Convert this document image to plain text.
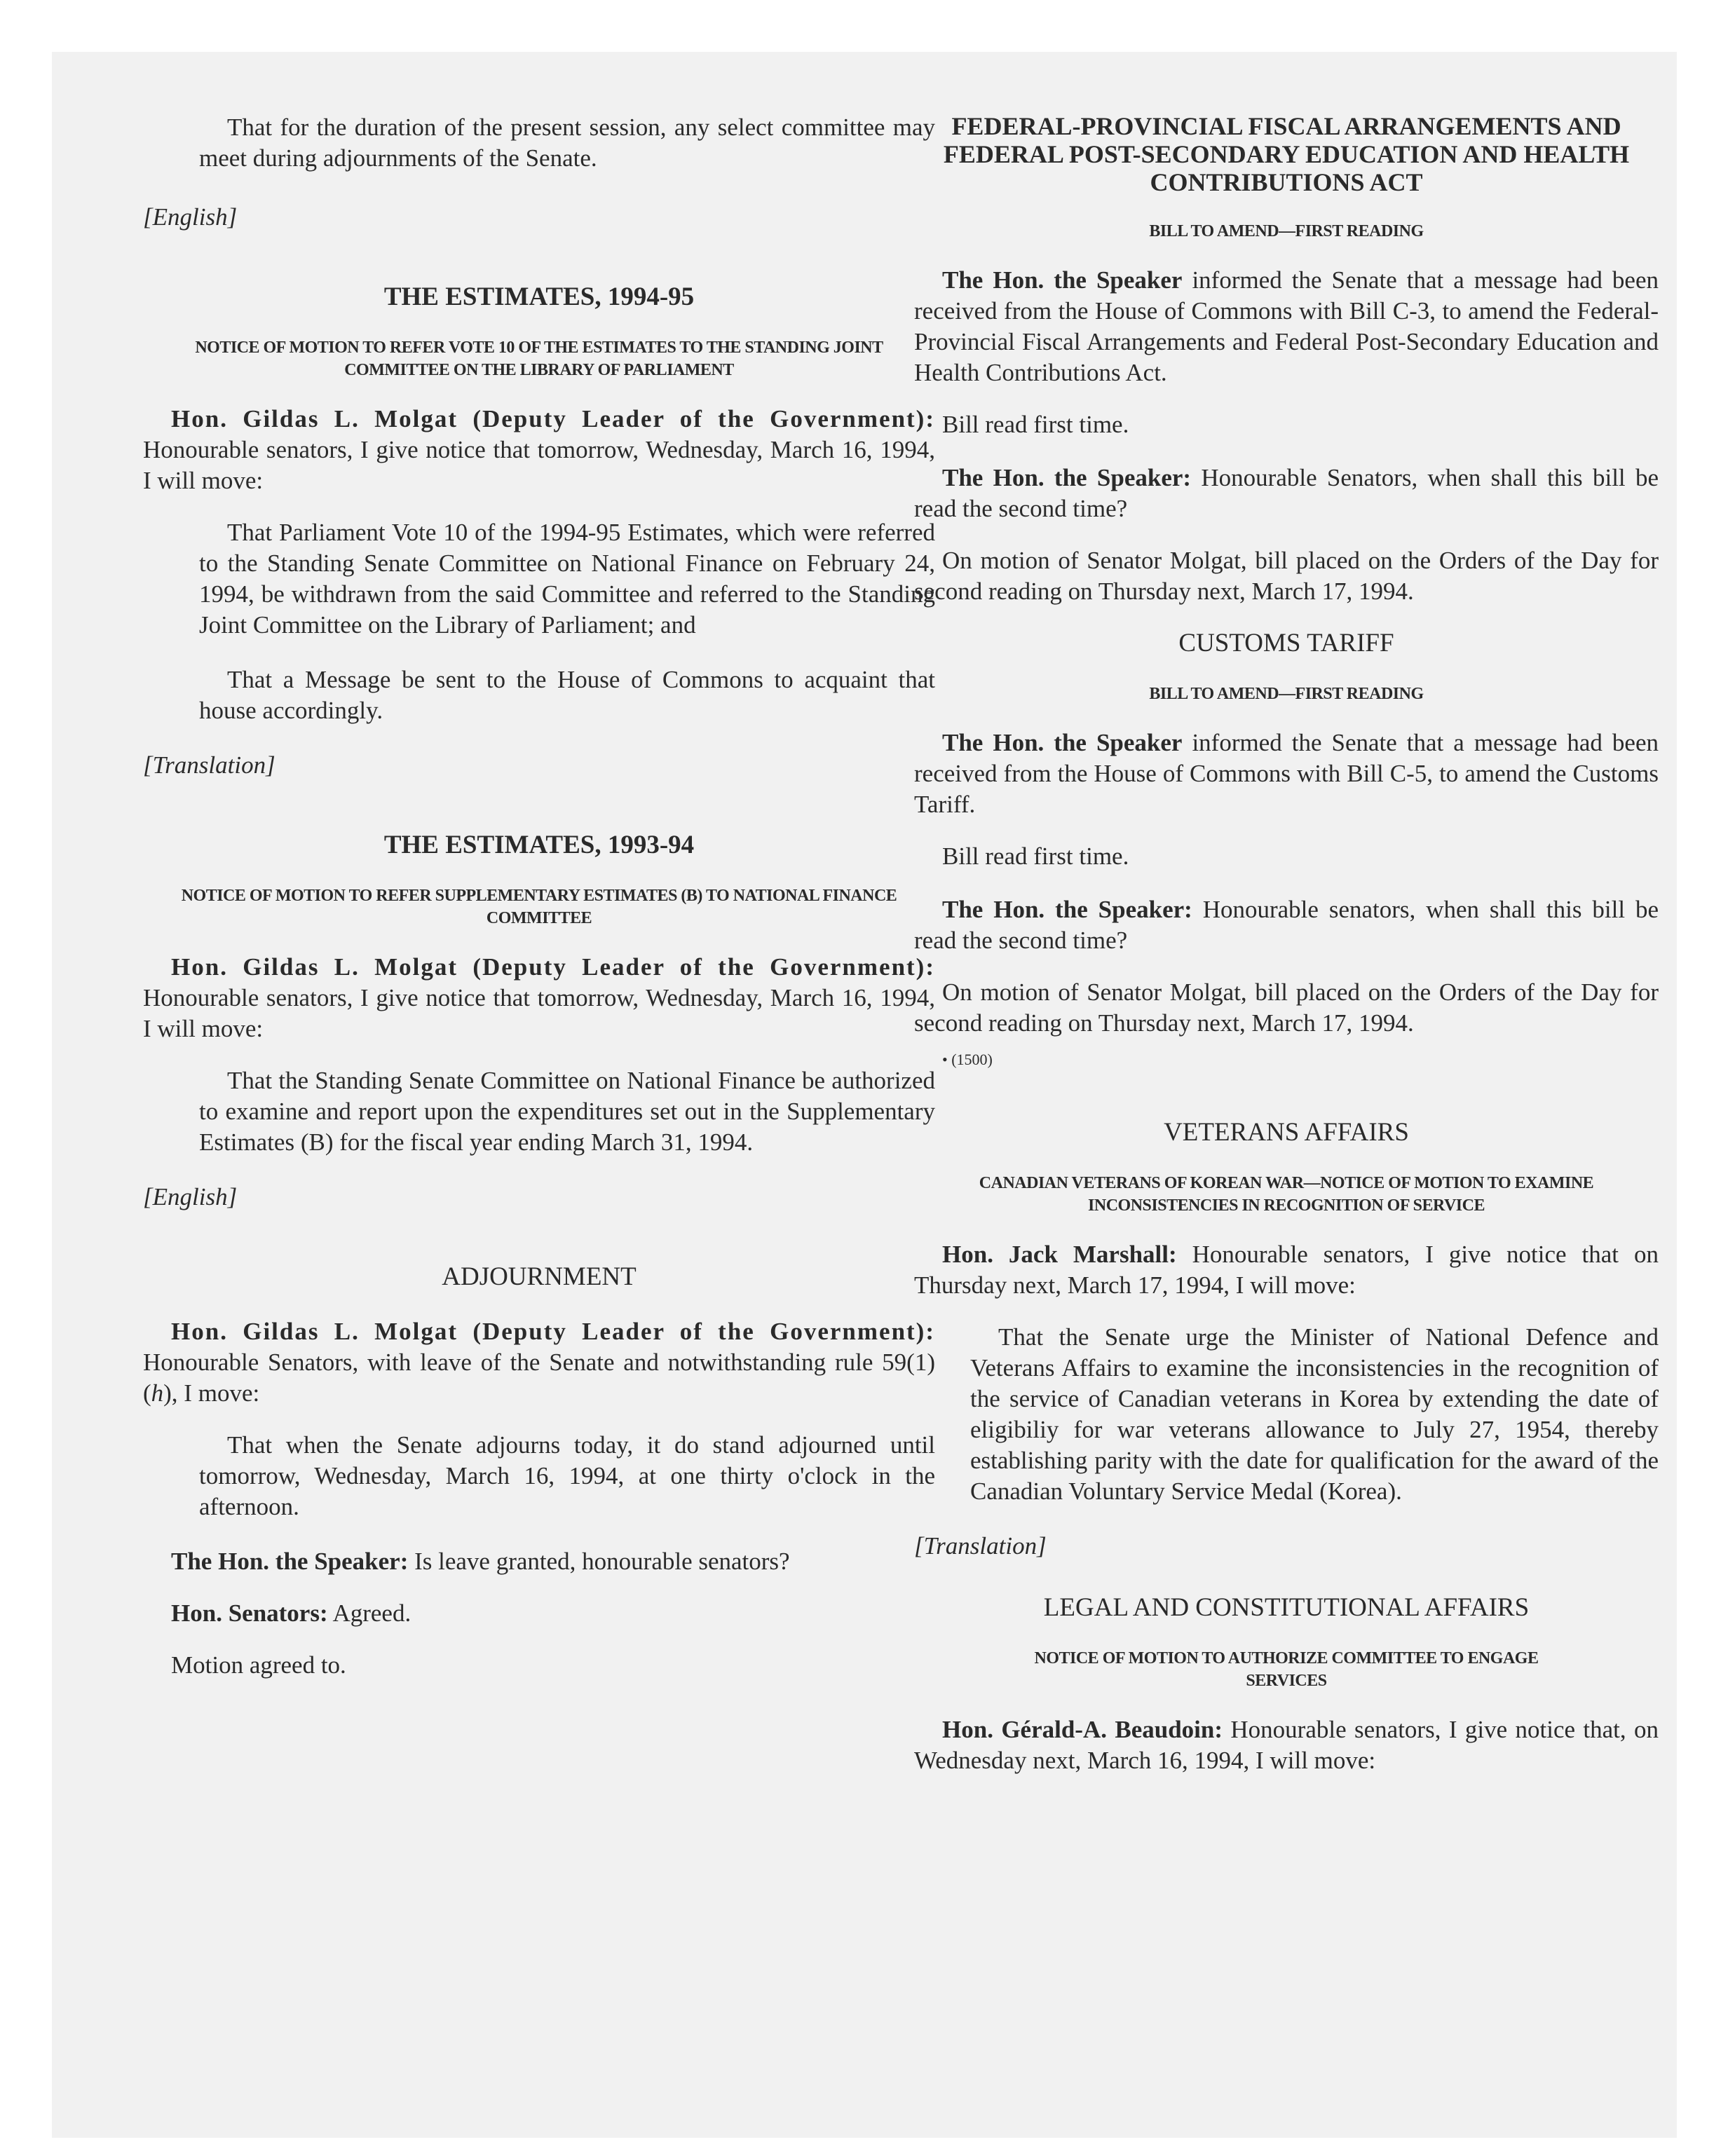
That for the duration of the present session, any select committee may meet during adjournments of the Senate.

[English]

THE ESTIMATES, 1994-95
NOTICE OF MOTION TO REFER VOTE 10 OF THE ESTIMATES TO THE STANDING JOINT COMMITTEE ON THE LIBRARY OF PARLIAMENT

Hon. Gildas L. Molgat (Deputy Leader of the Government): Honourable senators, I give notice that tomorrow, Wednesday, March 16, 1994, I will move:

That Parliament Vote 10 of the 1994-95 Estimates, which were referred to the Standing Senate Committee on National Finance on February 24, 1994, be withdrawn from the said Committee and referred to the Standing Joint Committee on the Library of Parliament; and

That a Message be sent to the House of Commons to acquaint that house accordingly.

[Translation]

THE ESTIMATES, 1993-94
NOTICE OF MOTION TO REFER SUPPLEMENTARY ESTIMATES (B) TO NATIONAL FINANCE COMMITTEE

Hon. Gildas L. Molgat (Deputy Leader of the Government): Honourable senators, I give notice that tomorrow, Wednesday, March 16, 1994, I will move:

That the Standing Senate Committee on National Finance be authorized to examine and report upon the expenditures set out in the Supplementary Estimates (B) for the fiscal year ending March 31, 1994.

[English]

ADJOURNMENT

Hon. Gildas L. Molgat (Deputy Leader of the Government): Honourable Senators, with leave of the Senate and notwithstanding rule 59(1)(h), I move:

That when the Senate adjourns today, it do stand adjourned until tomorrow, Wednesday, March 16, 1994, at one thirty o'clock in the afternoon.

The Hon. the Speaker: Is leave granted, honourable senators?

Hon. Senators: Agreed.

Motion agreed to.

FEDERAL-PROVINCIAL FISCAL ARRANGEMENTS AND FEDERAL POST-SECONDARY EDUCATION AND HEALTH CONTRIBUTIONS ACT
BILL TO AMEND—FIRST READING

The Hon. the Speaker informed the Senate that a message had been received from the House of Commons with Bill C-3, to amend the Federal-Provincial Fiscal Arrangements and Federal Post-Secondary Education and Health Contributions Act.

Bill read first time.

The Hon. the Speaker: Honourable Senators, when shall this bill be read the second time?

On motion of Senator Molgat, bill placed on the Orders of the Day for second reading on Thursday next, March 17, 1994.

CUSTOMS TARIFF
BILL TO AMEND—FIRST READING

The Hon. the Speaker informed the Senate that a message had been received from the House of Commons with Bill C-5, to amend the Customs Tariff.

Bill read first time.

The Hon. the Speaker: Honourable senators, when shall this bill be read the second time?

On motion of Senator Molgat, bill placed on the Orders of the Day for second reading on Thursday next, March 17, 1994.

• (1500)

VETERANS AFFAIRS
CANADIAN VETERANS OF KOREAN WAR—NOTICE OF MOTION TO EXAMINE INCONSISTENCIES IN RECOGNITION OF SERVICE

Hon. Jack Marshall: Honourable senators, I give notice that on Thursday next, March 17, 1994, I will move:

That the Senate urge the Minister of National Defence and Veterans Affairs to examine the inconsistencies in the recognition of the service of Canadian veterans in Korea by extending the date of eligibiliy for war veterans allowance to July 27, 1954, thereby establishing parity with the date for qualification for the award of the Canadian Voluntary Service Medal (Korea).

[Translation]

LEGAL AND CONSTITUTIONAL AFFAIRS
NOTICE OF MOTION TO AUTHORIZE COMMITTEE TO ENGAGE SERVICES

Hon. Gérald-A. Beaudoin: Honourable senators, I give notice that, on Wednesday next, March 16, 1994, I will move:
